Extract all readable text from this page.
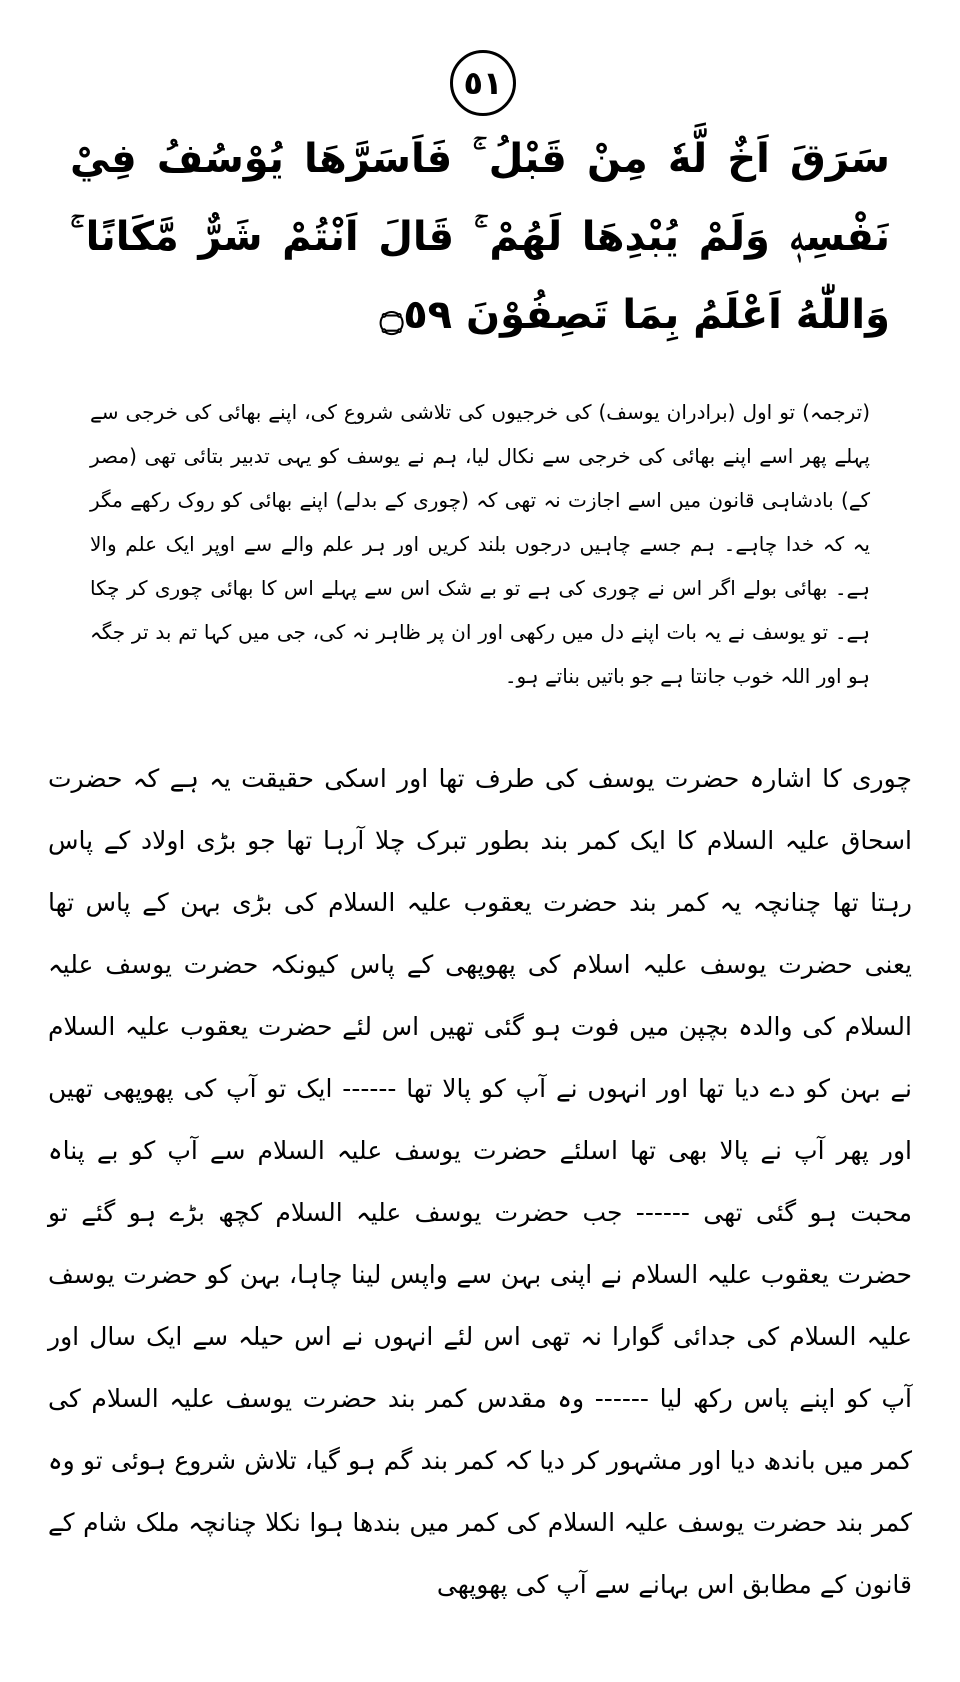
٥١
سَرَقَ اَخٌ لَّهٗ مِنْ قَبْلُ ۚ فَاَسَرَّهَا يُوْسُفُ فِيْ نَفْسِهٖ وَلَمْ يُبْدِهَا لَهُمْ ۚ قَالَ اَنْتُمْ شَرٌّ مَّكَانًا ۚ وَاللّٰهُ اَعْلَمُ بِمَا تَصِفُوْنَ ۝٥٩
(ترجمہ) تو اول (برادران یوسف) کی خرجیوں کی تلاشی شروع کی، اپنے بھائی کی خرجی سے پہلے پھر اسے اپنے بھائی کی خرجی سے نکال لیا، ہم نے یوسف کو یہی تدبیر بتائی تھی (مصر کے) بادشاہی قانون میں اسے اجازت نہ تھی کہ (چوری کے بدلے) اپنے بھائی کو روک رکھے مگر یہ کہ خدا چاہے۔ ہم جسے چاہیں درجوں بلند کریں اور ہر علم والے سے اوپر ایک علم والا ہے۔ بھائی بولے اگر اس نے چوری کی ہے تو بے شک اس سے پہلے اس کا بھائی چوری کر چکا ہے۔ تو یوسف نے یہ بات اپنے دل میں رکھی اور ان پر ظاہر نہ کی، جی میں کہا تم بد تر جگہ ہو اور اللہ خوب جانتا ہے جو باتیں بناتے ہو۔
چوری کا اشارہ حضرت یوسف کی طرف تھا اور اسکی حقیقت یہ ہے کہ حضرت اسحاق علیہ السلام کا ایک کمر بند بطور تبرک چلا آرہا تھا جو بڑی اولاد کے پاس رہتا تھا چنانچہ یہ کمر بند حضرت یعقوب علیہ السلام کی بڑی بہن کے پاس تھا یعنی حضرت یوسف علیہ اسلام کی پھوپھی کے پاس کیونکہ حضرت یوسف علیہ السلام کی والدہ بچپن میں فوت ہو گئی تھیں اس لئے حضرت یعقوب علیہ السلام نے بہن کو دے دیا تھا اور انہوں نے آپ کو پالا تھا ------ ایک تو آپ کی پھوپھی تھیں اور پھر آپ نے پالا بھی تھا اسلئے حضرت یوسف علیہ السلام سے آپ کو بے پناہ محبت ہو گئی تھی ------ جب حضرت یوسف علیہ السلام کچھ بڑے ہو گئے تو حضرت یعقوب علیہ السلام نے اپنی بہن سے واپس لینا چاہا، بہن کو حضرت یوسف علیہ السلام کی جدائی گوارا نہ تھی اس لئے انہوں نے اس حیلہ سے ایک سال اور آپ کو اپنے پاس رکھ لیا ------ وہ مقدس کمر بند حضرت یوسف علیہ السلام کی کمر میں باندھ دیا اور مشہور کر دیا کہ کمر بند گم ہو گیا، تلاش شروع ہوئی تو وہ کمر بند حضرت یوسف علیہ السلام کی کمر میں بندھا ہوا نکلا چنانچہ ملک شام کے قانون کے مطابق اس بہانے سے آپ کی پھوپھی
